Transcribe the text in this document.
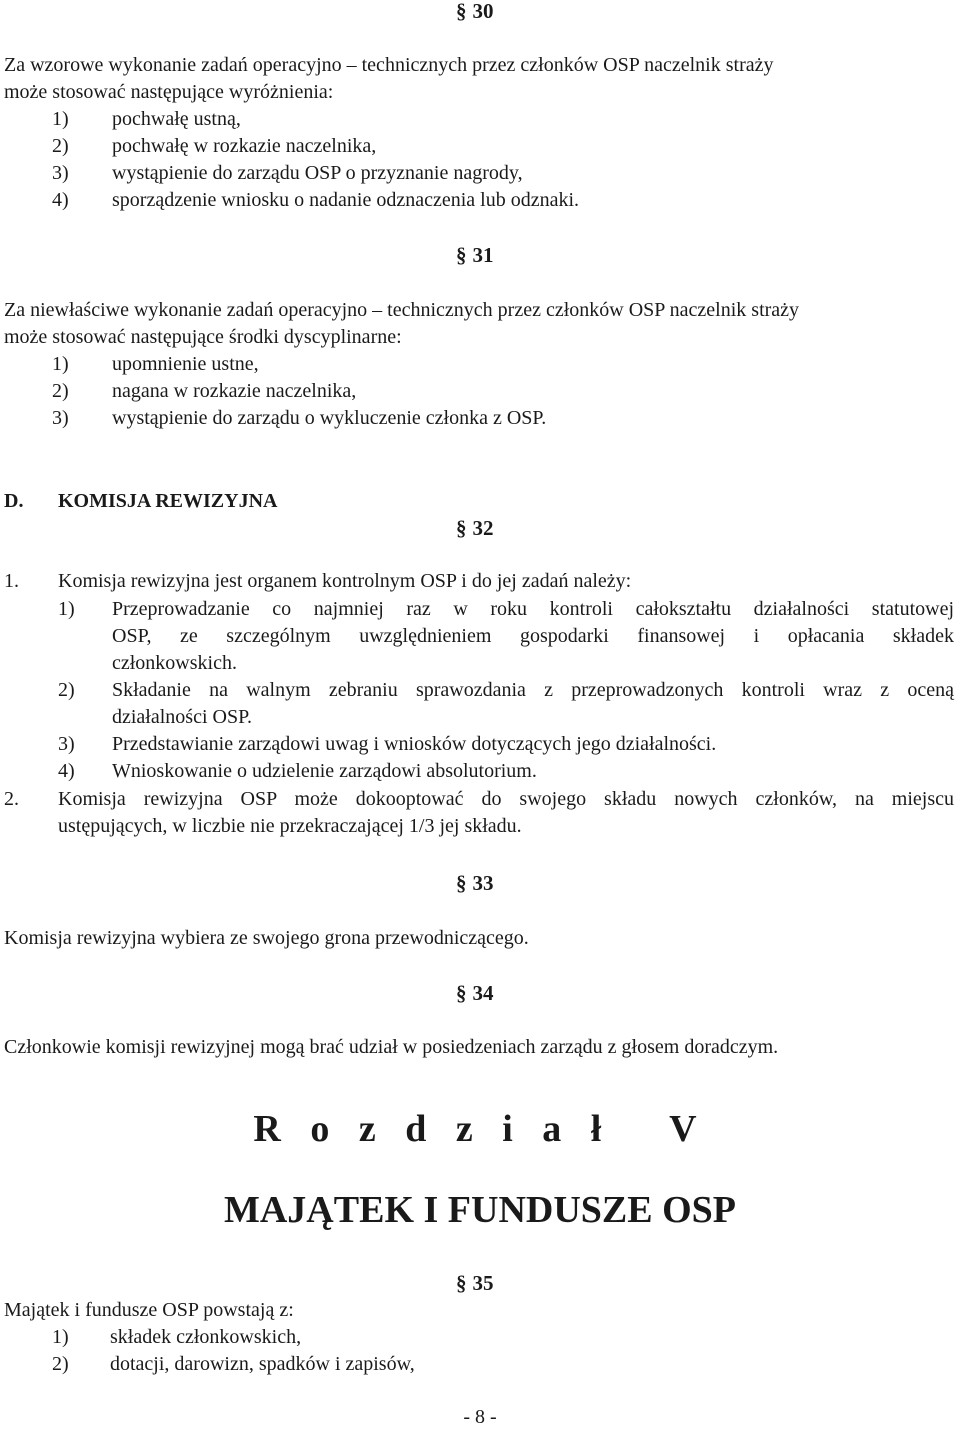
§ 30
Za wzorowe wykonanie zadań operacyjno – technicznych przez członków OSP naczelnik straży
może stosować następujące wyróżnienia:
1) pochwałę ustną,
2) pochwałę w rozkazie naczelnika,
3) wystąpienie do zarządu OSP o przyznanie nagrody,
4) sporządzenie wniosku o nadanie odznaczenia lub odznaki.
§ 31
Za niewłaściwe wykonanie zadań operacyjno – technicznych przez członków OSP naczelnik straży
może stosować następujące środki dyscyplinarne:
1) upomnienie ustne,
2) nagana w rozkazie naczelnika,
3) wystąpienie do zarządu o wykluczenie członka z OSP.
D. KOMISJA REWIZYJNA
§ 32
1. Komisja rewizyjna jest organem kontrolnym OSP i do jej zadań należy:
1) Przeprowadzanie co najmniej raz w roku kontroli całokształtu działalności statutowej
OSP, ze szczególnym uwzględnieniem gospodarki finansowej i opłacania składek
członkowskich.
2) Składanie na walnym zebraniu sprawozdania z przeprowadzonych kontroli wraz z oceną
działalności OSP.
3) Przedstawianie zarządowi uwag i wniosków dotyczących jego działalności.
4) Wnioskowanie o udzielenie zarządowi absolutorium.
2. Komisja rewizyjna OSP może dokooptować do swojego składu nowych członków, na miejscu
ustępujących, w liczbie nie przekraczającej 1/3 jej składu.
§ 33
Komisja rewizyjna wybiera ze swojego grona przewodniczącego.
§ 34
Członkowie komisji rewizyjnej mogą brać udział w posiedzeniach zarządu z głosem doradczym.
R o z d z i a ł   V
MAJĄTEK I FUNDUSZE OSP
§ 35
Majątek i fundusze OSP powstają z:
1) składek członkowskich,
2) dotacji, darowizn, spadków i zapisów,
- 8 -
